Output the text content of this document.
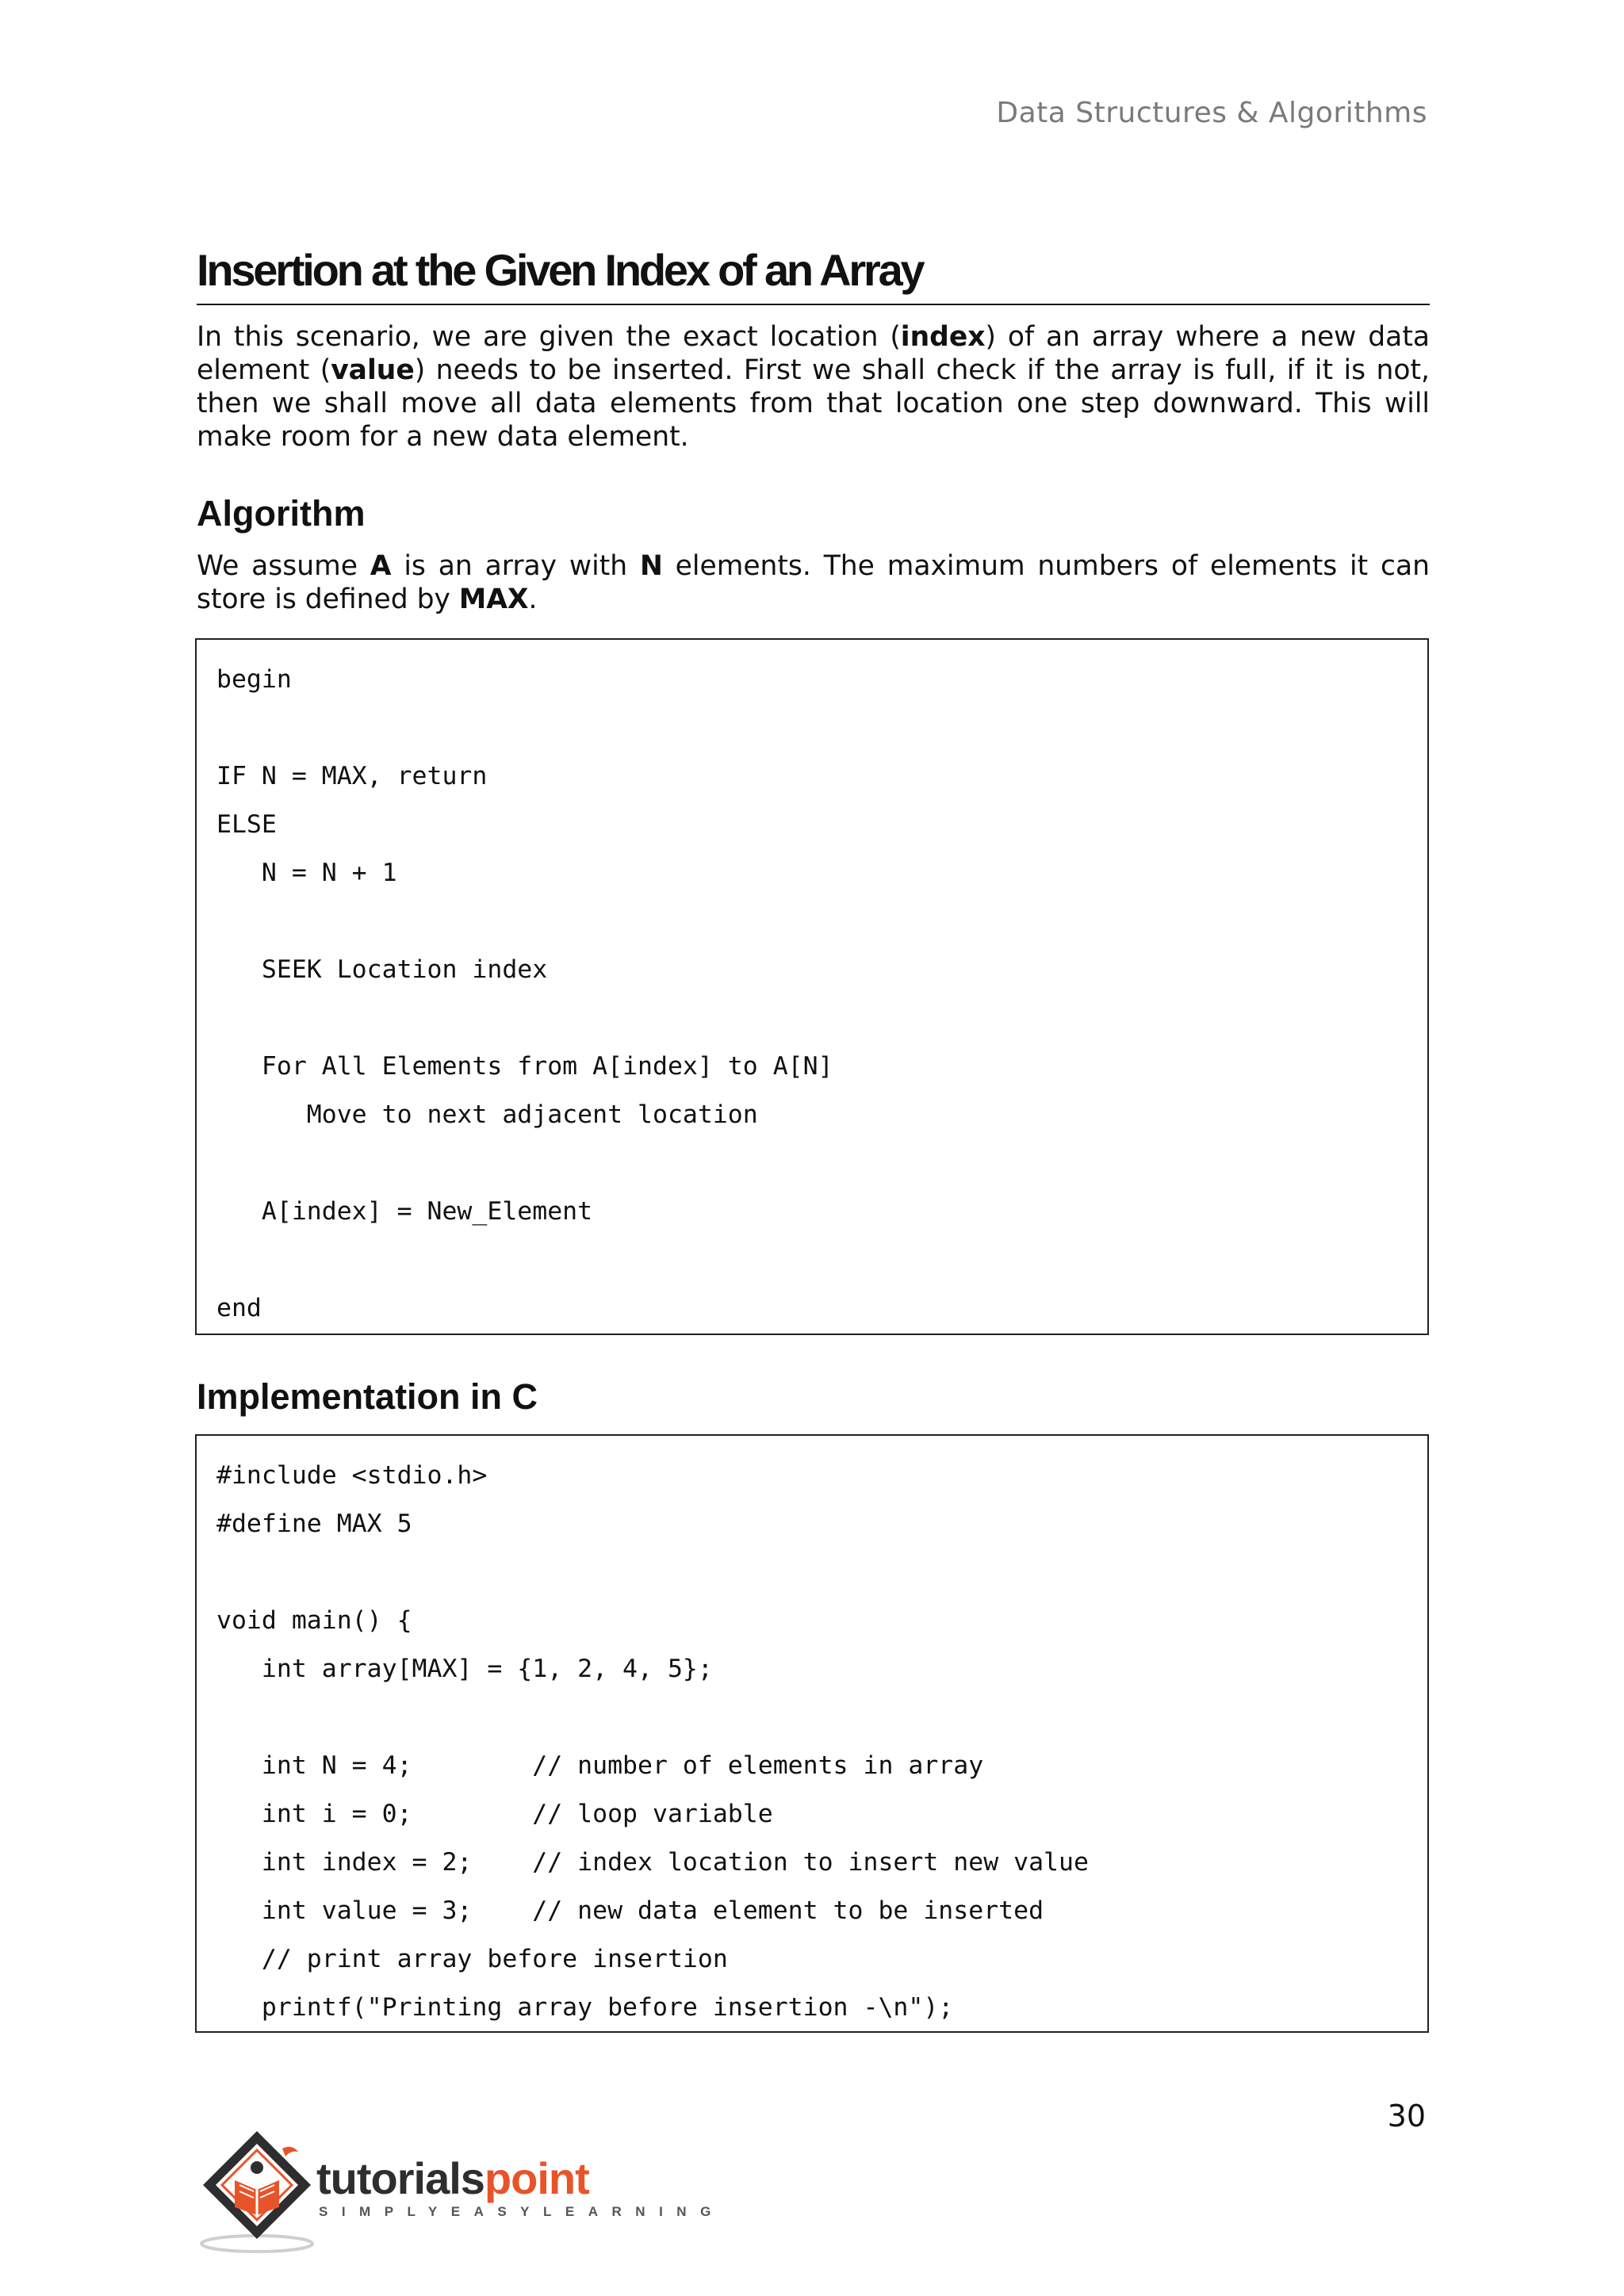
Data Structures & Algorithms
Insertion at the Given Index of an Array
In this scenario, we are given the exact location (index) of an array where a new data element (value) needs to be inserted. First we shall check if the array is full, if it is not, then we shall move all data elements from that location one step downward. This will make room for a new data element.
Algorithm
We assume A is an array with N elements. The maximum numbers of elements it can store is defined by MAX.
begin
IF N = MAX, return
ELSE
N = N + 1
SEEK Location index
For All Elements from A[index] to A[N]
Move to next adjacent location
A[index] = New_Element
end
Implementation in C
#include <stdio.h>
#define MAX 5
void main() {
int array[MAX] = {1, 2, 4, 5};
int N = 4;        // number of elements in array
int i = 0;        // loop variable
int index = 2;    // index location to insert new value
int value = 3;    // new data element to be inserted
// print array before insertion
printf("Printing array before insertion -\n");
30
tutorialspoint
SIMPLYEASYLEARNING
